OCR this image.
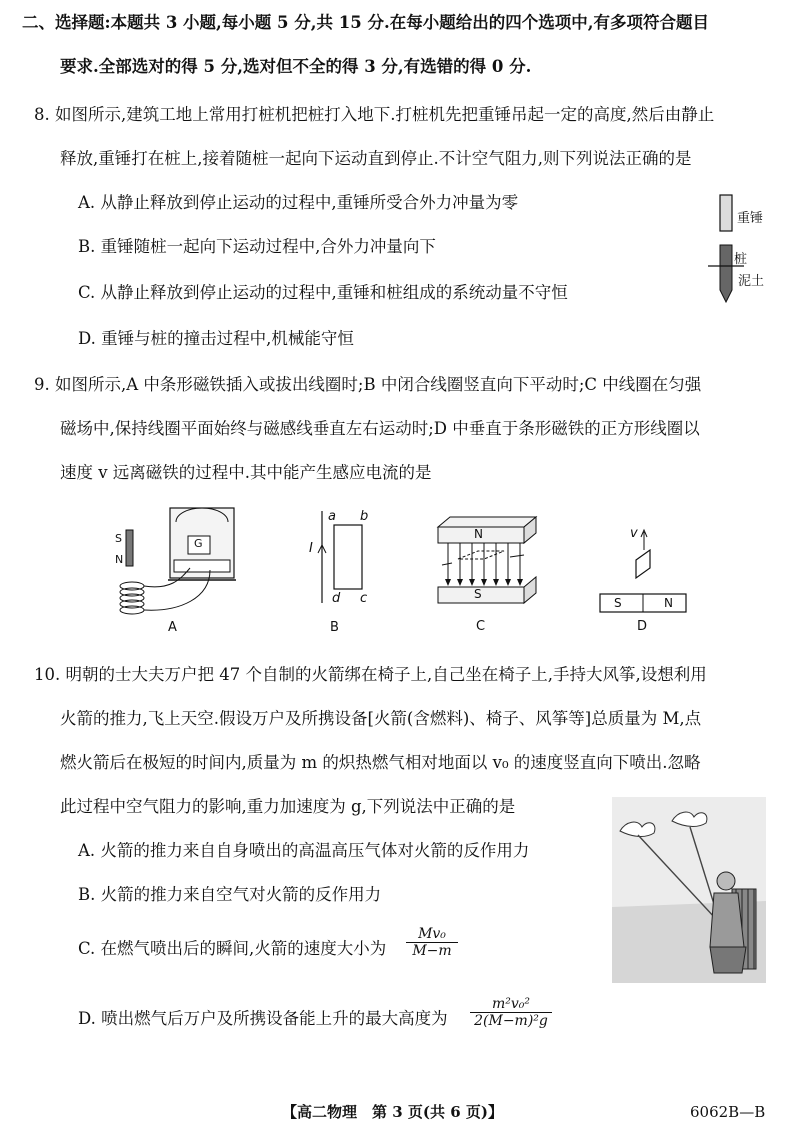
二、选择题:本题共 3 小题,每小题 5 分,共 15 分.在每小题给出的四个选项中,有多项符合题目
要求.全部选对的得 5 分,选对但不全的得 3 分,有选错的得 0 分.
8. 如图所示,建筑工地上常用打桩机把桩打入地下.打桩机先把重锤吊起一定的高度,然后由静止
释放,重锤打在桩上,接着随桩一起向下运动直到停止.不计空气阻力,则下列说法正确的是
A. 从静止释放到停止运动的过程中,重锤所受合外力冲量为零
B. 重锤随桩一起向下运动过程中,合外力冲量向下
C. 从静止释放到停止运动的过程中,重锤和桩组成的系统动量不守恒
D. 重锤与桩的撞击过程中,机械能守恒
重锤
桩
泥土
9. 如图所示,A 中条形磁铁插入或拔出线圈时;B 中闭合线圈竖直向下平动时;C 中线圈在匀强
磁场中,保持线圈平面始终与磁感线垂直左右运动时;D 中垂直于条形磁铁的正方形线圈以
速度 v 远离磁铁的过程中.其中能产生感应电流的是
S
N
G
A
I
a b
c
d
B
N
S
C
v
S	N
D
10. 明朝的士大夫万户把 47 个自制的火箭绑在椅子上,自己坐在椅子上,手持大风筝,设想利用
火箭的推力,飞上天空.假设万户及所携设备[火箭(含燃料)、椅子、风筝等]总质量为 M,点
燃火箭后在极短的时间内,质量为 m 的炽热燃气相对地面以 v₀ 的速度竖直向下喷出.忽略
此过程中空气阻力的影响,重力加速度为 g,下列说法中正确的是
A. 火箭的推力来自自身喷出的高温高压气体对火箭的反作用力
B. 火箭的推力来自空气对火箭的反作用力
C. 在燃气喷出后的瞬间,火箭的速度大小为
Mv₀
M−m
D. 喷出燃气后万户及所携设备能上升的最大高度为
m²v₀²
2(M−m)²g
【高二物理　第 3 页(共 6 页)】	6062B—B
